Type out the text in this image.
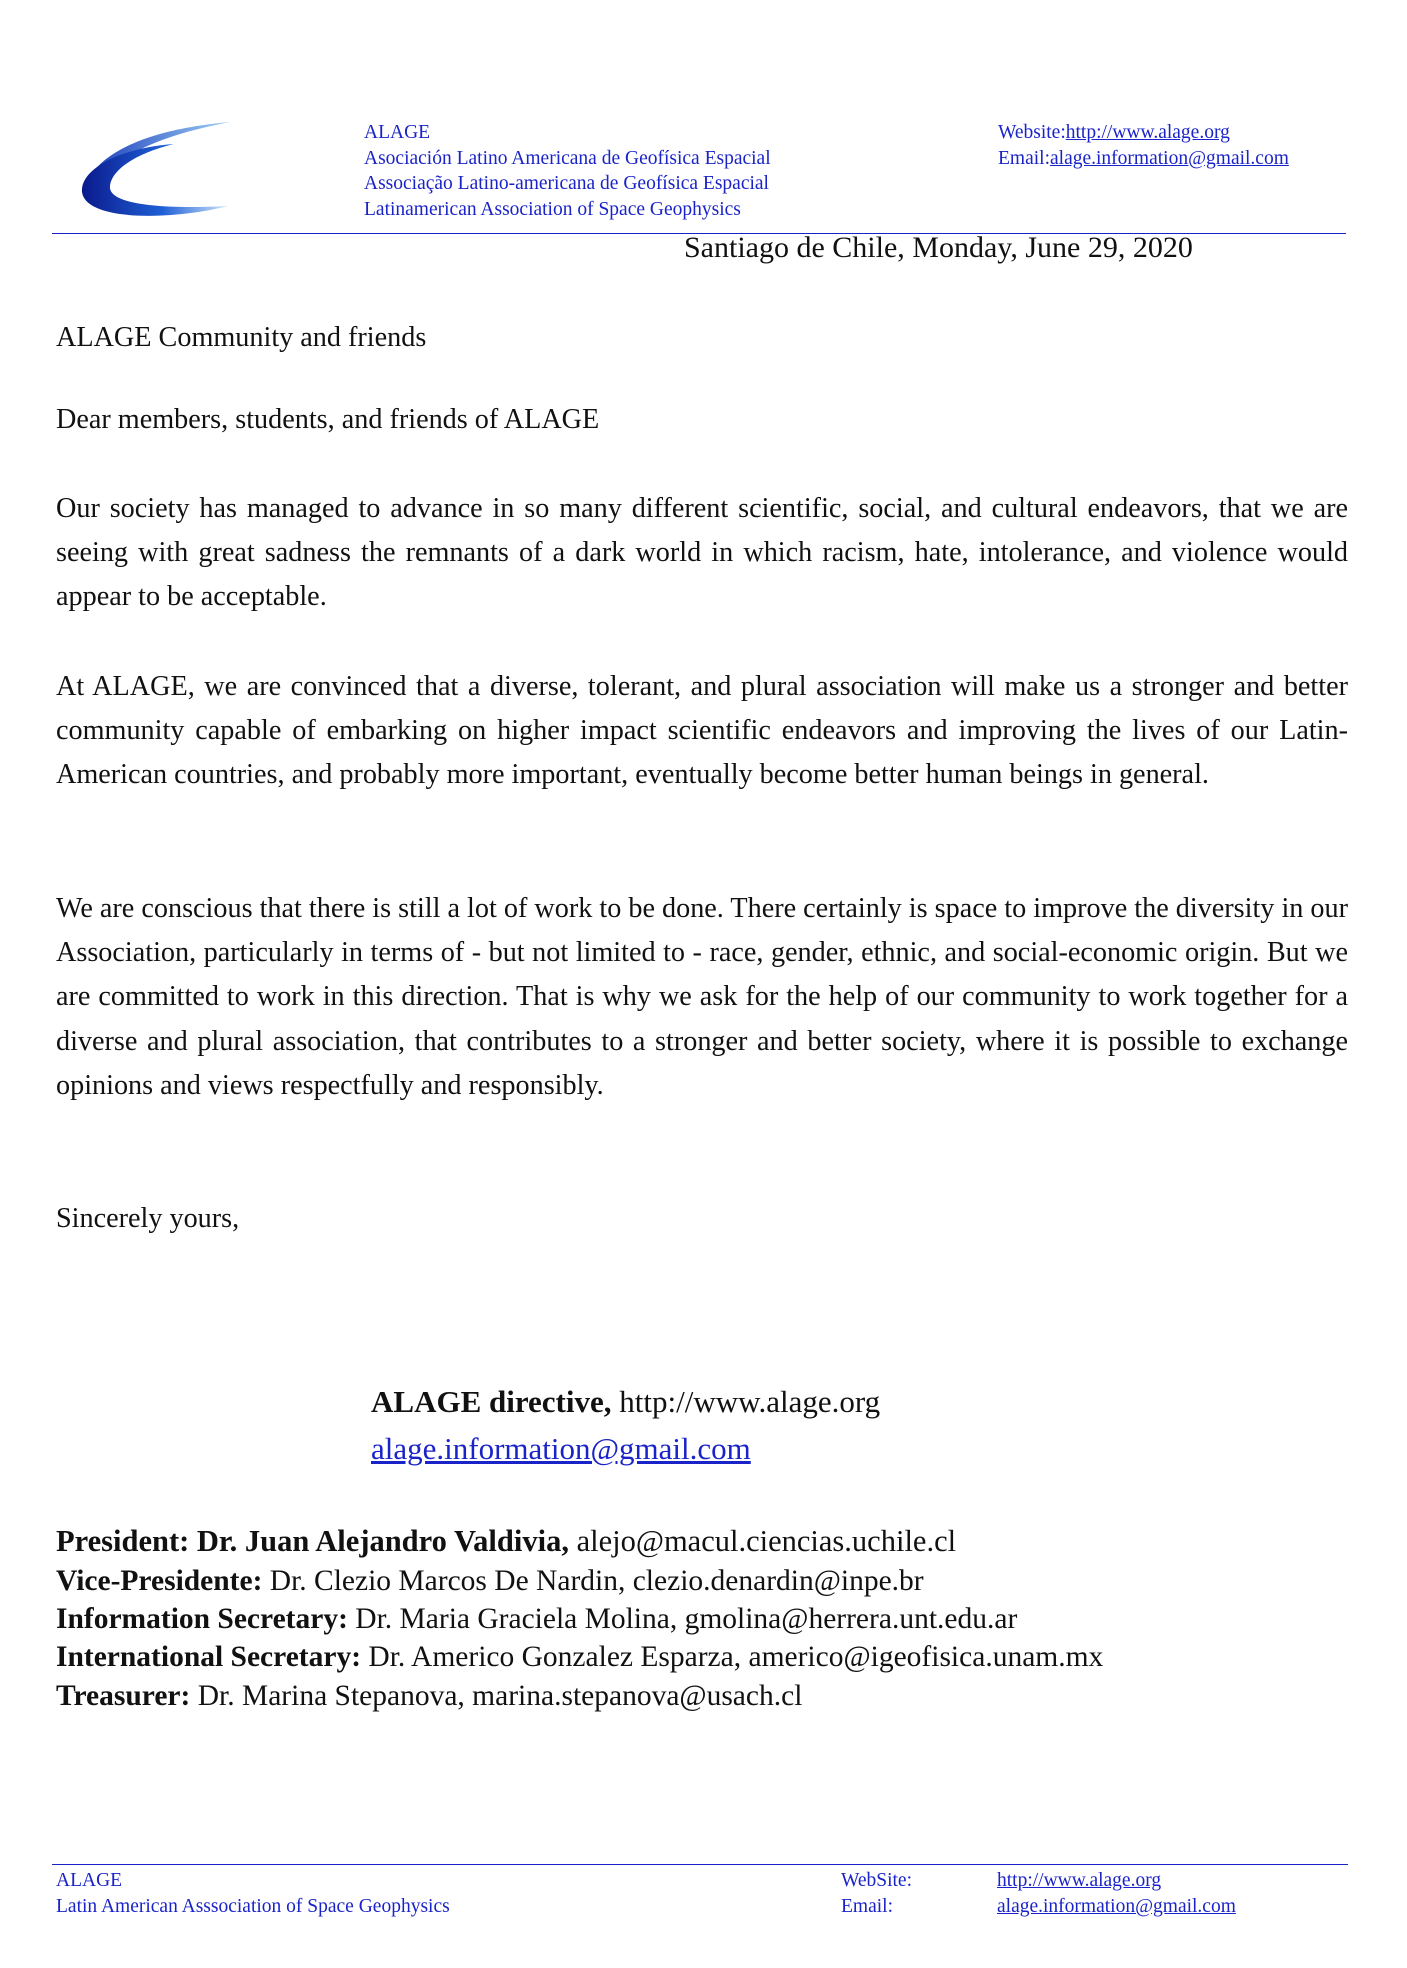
ALAGE
ALAGE
Asociación Latino Americana de Geofísica Espacial
Associação Latino-americana de Geofísica Espacial
Latinamerican Association of Space Geophysics
Website:http://www.alage.org
Email:alage.information@gmail.com
Santiago de Chile, Monday, June 29, 2020
ALAGE Community and friends
Dear members, students, and friends of ALAGE
Our society has managed to advance in so many different scientific, social, and cultural endeavors, that we are seeing with great sadness the remnants of a dark world in which racism, hate, intolerance, and violence would appear to be acceptable.
At ALAGE, we are convinced that a diverse, tolerant, and plural association will make us a stronger and better community capable of embarking on higher impact scientific endeavors and improving the lives of our Latin-American countries, and probably more important, eventually become better human beings in general.
We are conscious that there is still a lot of work to be done. There certainly is space to improve the diversity in our Association, particularly in terms of - but not limited to - race, gender, ethnic, and social-economic origin. But we are committed to work in this direction. That is why we ask for the help of our community to work together for a diverse and plural association, that contributes to a stronger and better society, where it is possible to exchange opinions and views respectfully and responsibly.
Sincerely yours,
ALAGE directive, http://www.alage.org
alage.information@gmail.com
President: Dr. Juan Alejandro Valdivia, alejo@macul.ciencias.uchile.cl
Vice-Presidente: Dr. Clezio Marcos De Nardin, clezio.denardin@inpe.br
Information Secretary: Dr. Maria Graciela Molina, gmolina@herrera.unt.edu.ar
International Secretary: Dr. Americo Gonzalez Esparza, americo@igeofisica.unam.mx
Treasurer: Dr. Marina Stepanova, marina.stepanova@usach.cl
ALAGE
Latin American Asssociation of Space Geophysics
WebSite:
Email:
http://www.alage.org
alage.information@gmail.com
